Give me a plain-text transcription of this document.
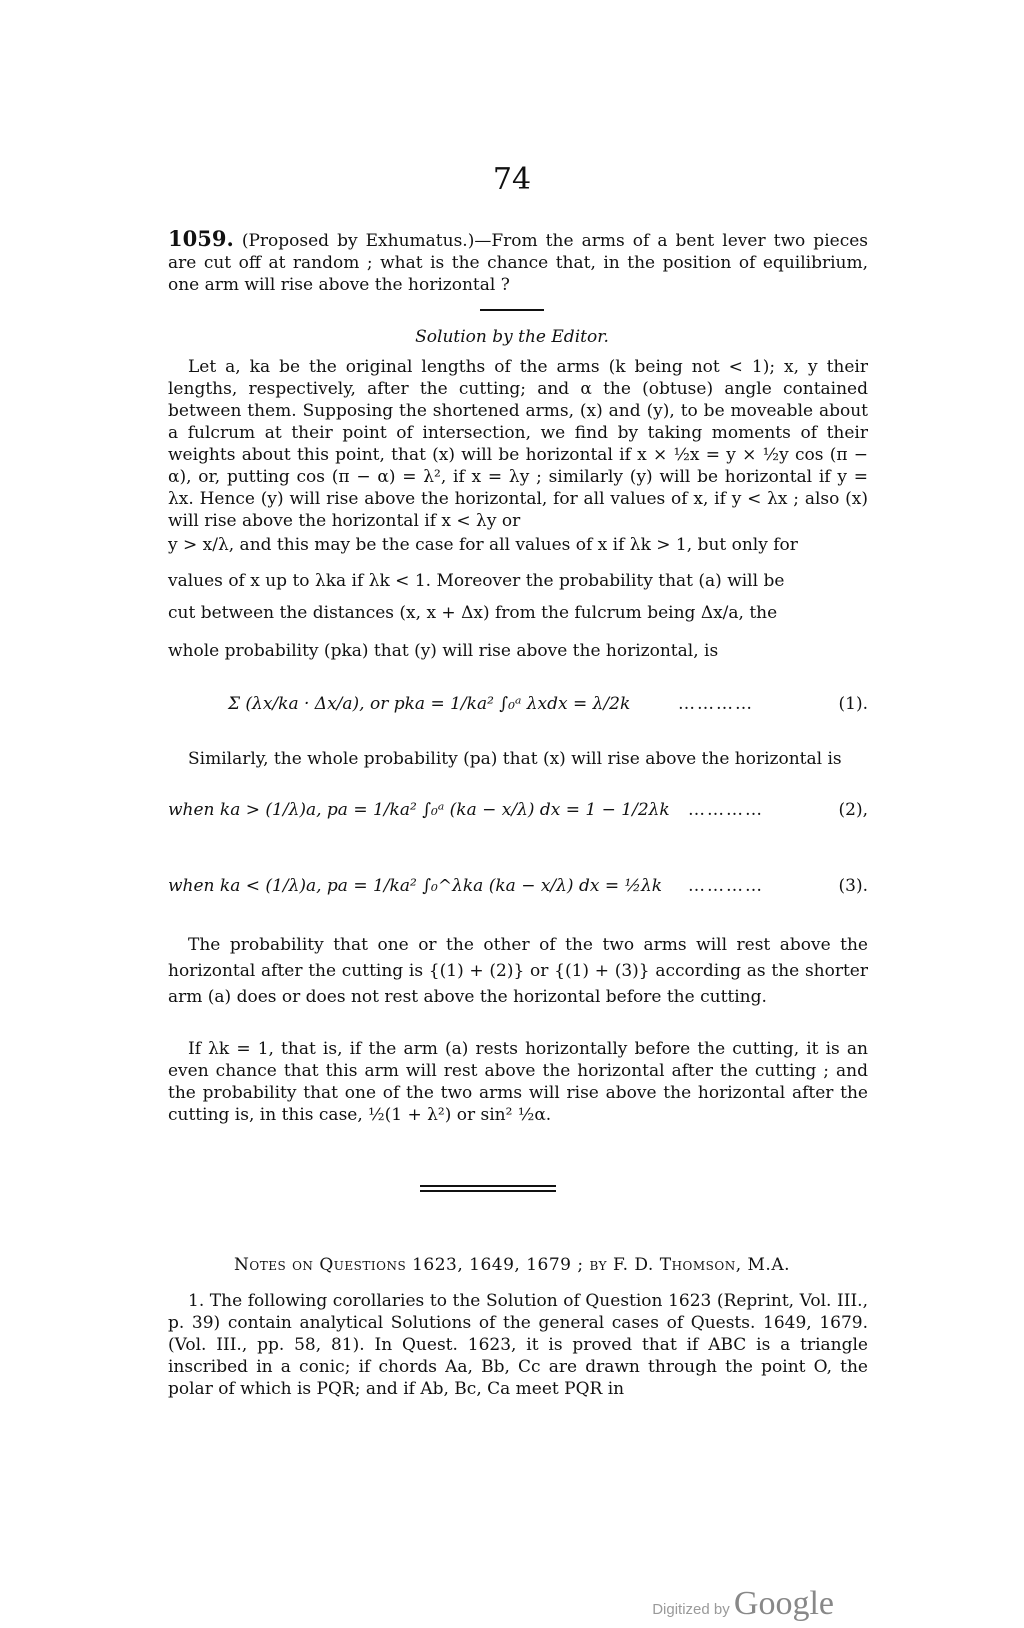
74
1059. (Proposed by Exhumatus.)—From the arms of a bent lever two pieces are cut off at random ; what is the chance that, in the position of equilibrium, one arm will rise above the horizontal ?
Solution by the Editor.
Let a, ka be the original lengths of the arms (k being not < 1); x, y their lengths, respectively, after the cutting; and α the (obtuse) angle contained between them. Supposing the shortened arms, (x) and (y), to be moveable about a fulcrum at their point of intersection, we find by taking moments of their weights about this point, that (x) will be horizontal if x × ½x = y × ½y cos (π − α), or, putting cos (π − α) = λ², if x = λy ; similarly (y) will be horizontal if y = λx. Hence (y) will rise above the horizontal, for all values of x, if y < λx ; also (x) will rise above the horizontal if x < λy or
y > x/λ, and this may be the case for all values of x if λk > 1, but only for
values of x up to λka if λk < 1. Moreover the probability that (a) will be
cut between the distances (x, x + Δx) from the fulcrum being Δx/a, the
whole probability (pka) that (y) will rise above the horizontal, is
Σ (λx/ka · Δx/a), or pka = 1/ka² ∫₀ᵃ λxdx = λ/2k	…………	(1).
Similarly, the whole probability (pa) that (x) will rise above the horizontal is
when ka > (1/λ)a, pa = 1/ka² ∫₀ᵃ (ka − x/λ) dx = 1 − 1/2λk …………	(2),
when ka < (1/λ)a, pa = 1/ka² ∫₀^λka (ka − x/λ) dx = ½λk …………	(3).
The probability that one or the other of the two arms will rest above the horizontal after the cutting is {(1) + (2)} or {(1) + (3)} according as the shorter arm (a) does or does not rest above the horizontal before the cutting.
If λk = 1, that is, if the arm (a) rests horizontally before the cutting, it is an even chance that this arm will rest above the horizontal after the cutting ; and the probability that one of the two arms will rise above the horizontal after the cutting is, in this case, ½(1 + λ²) or sin² ½α.
Notes on Questions 1623, 1649, 1679 ; by F. D. Thomson, M.A.
1. The following corollaries to the Solution of Question 1623 (Reprint, Vol. III., p. 39) contain analytical Solutions of the general cases of Quests. 1649, 1679. (Vol. III., pp. 58, 81). In Quest. 1623, it is proved that if ABC is a triangle inscribed in a conic; if chords Aa, Bb, Cc are drawn through the point O, the polar of which is PQR; and if Ab, Bc, Ca meet PQR in
Digitized by Google
